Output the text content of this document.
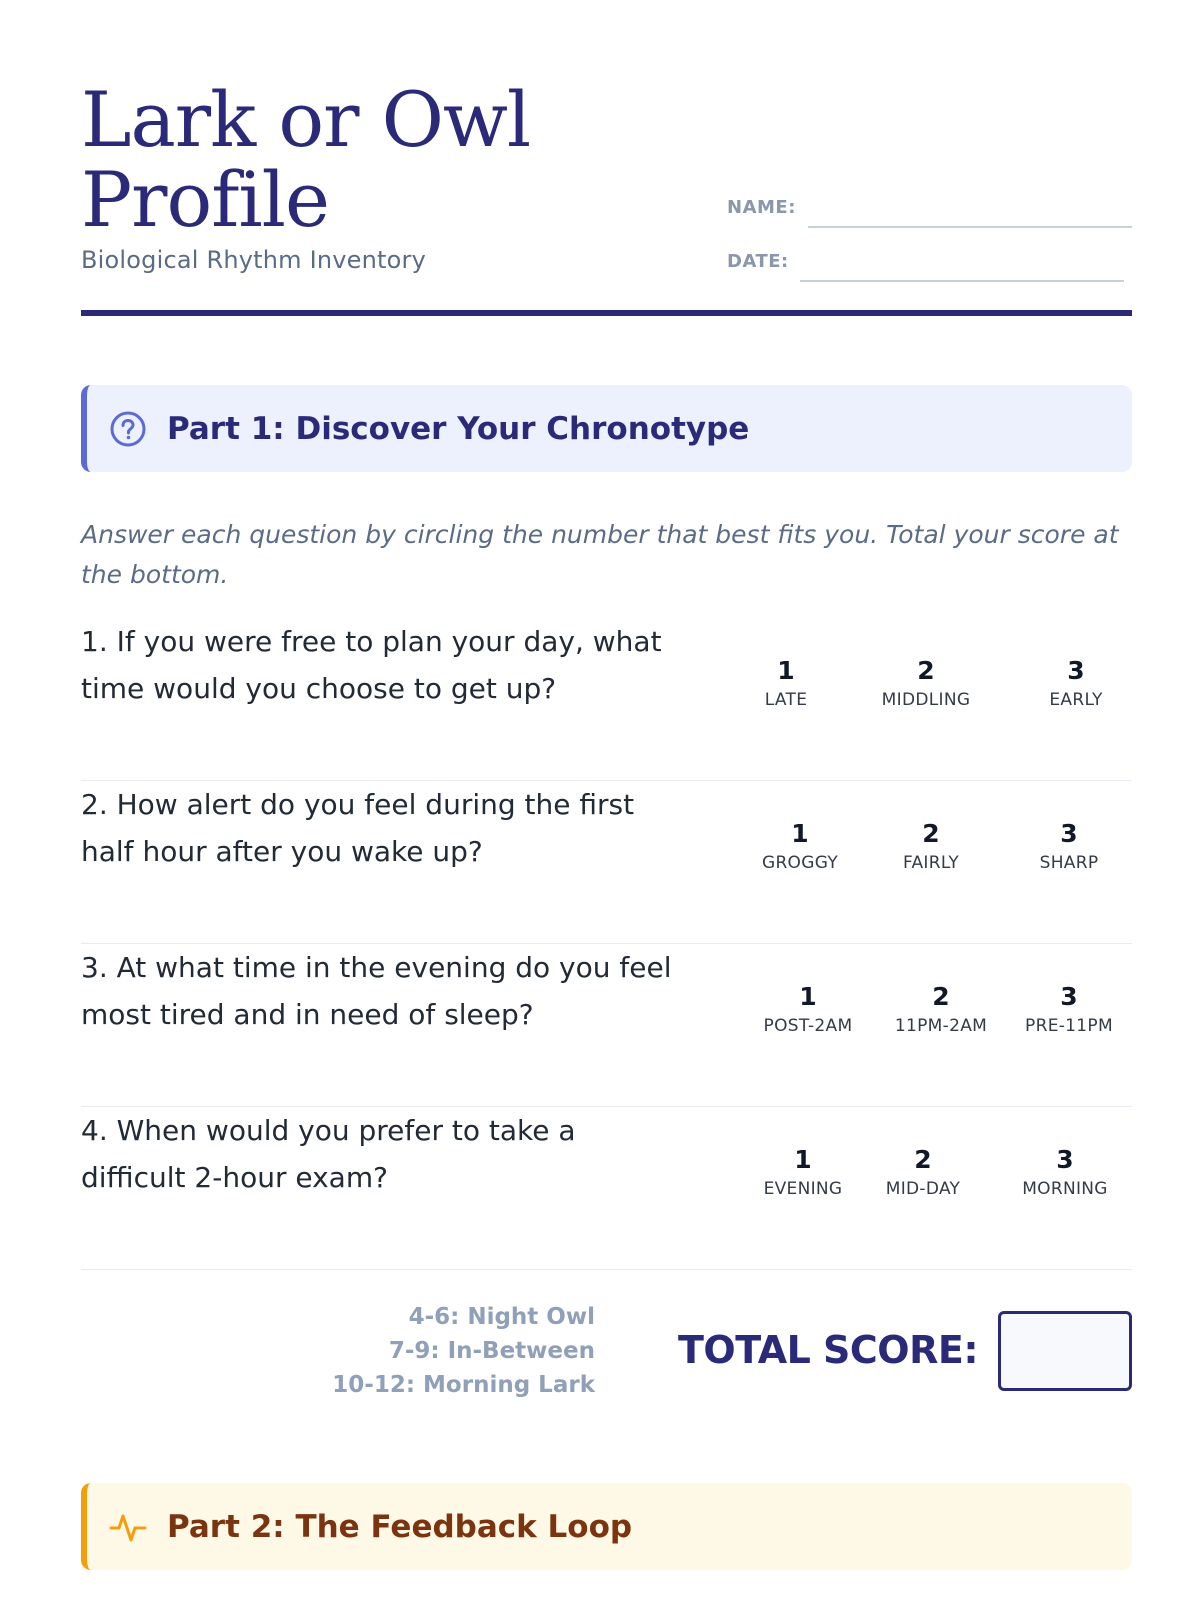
Lark or Owl
Profile
Biological Rhythm Inventory
NAME:
DATE:
Part 1: Discover Your Chronotype
Answer each question by circling the number that best fits you. Total your score at the bottom.
1. If you were free to plan your day, what time would you choose to get up?
1
LATE
2
MIDDLING
3
EARLY
2. How alert do you feel during the first half hour after you wake up?
1
GROGGY
2
FAIRLY
3
SHARP
3. At what time in the evening do you feel most tired and in need of sleep?
1
POST-2AM
2
11PM-2AM
3
PRE-11PM
4. When would you prefer to take a difficult 2-hour exam?
1
EVENING
2
MID-DAY
3
MORNING
4-6: Night Owl
7-9: In-Between
10-12: Morning Lark
TOTAL SCORE:
Part 2: The Feedback Loop
